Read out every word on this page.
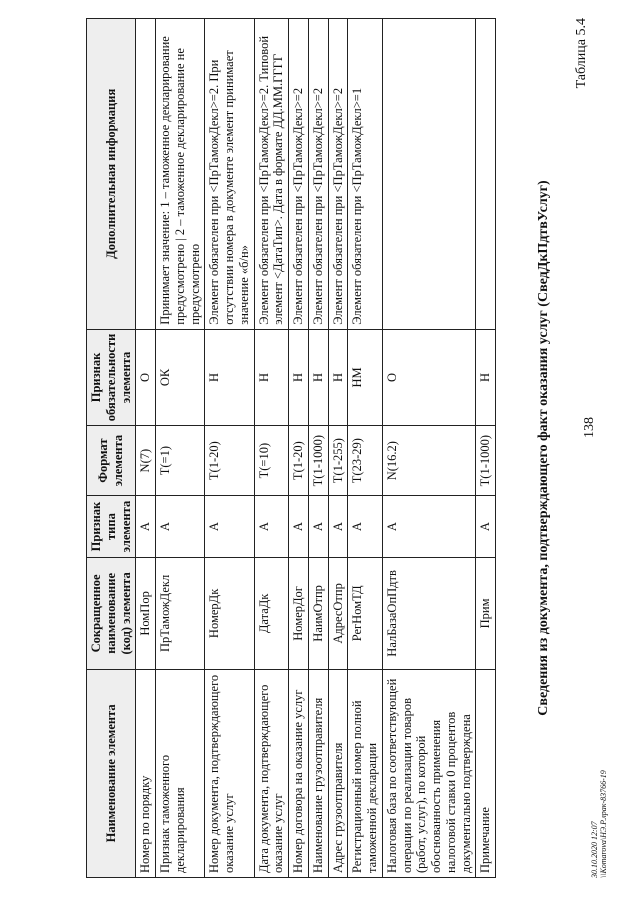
Таблица 5.4
138
Сведения из документа, подтверждающего факт оказания услуг (СведДкПдтвУслуг)
Наименование элемента	Сокращенное наименование (код) элемента	Признак типа элемента	Формат элемента	Признак обязательности элемента	Дополнительная информация
Номер по порядку	НомПор	А	N(7)	О	
Признак таможенного декларирования	ПрТаможДекл	А	Т(=1)	ОК	Принимает значение: 1 – таможенное декларирование предусмотрено | 2 – таможенное декларирование не предусмотрено
Номер документа, подтверждающего оказание услуг	НомерДк	А	Т(1-20)	Н	Элемент обязателен при <ПрТаможДекл>=2. При отсутствии номера в документе элемент принимает значение «б/н»
Дата документа, подтверждающего оказание услуг	ДатаДк	А	Т(=10)	Н	Элемент обязателен при <ПрТаможДекл>=2. Типовой элемент <ДатаТип>. Дата в формате ДД.ММ.ГГГГ
Номер договора на оказание услуг	НомерДог	А	Т(1-20)	Н	Элемент обязателен при <ПрТаможДекл>=2
Наименование грузоотправителя	НаимОтпр	А	Т(1-1000)	Н	Элемент обязателен при <ПрТаможДекл>=2
Адрес грузоотправителя	АдресОтпр	А	Т(1-255)	Н	Элемент обязателен при <ПрТаможДекл>=2
Регистрационный номер полной таможенной декларации	РегНомТД	А	Т(23-29)	НМ	Элемент обязателен при <ПрТаможДекл>=1
Налоговая база по соответствующей операции по реализации товаров (работ, услуг), по которой обоснованность применения налоговой ставки 0 процентов документально подтверждена	НалБазаОпПдтв	А	N(16.2)	О	
Примечание	Прим	А	Т(1-1000)	Н	
30.10.2020 12:07 \\Komarova\НЭ.Р.лрак-83766-19
